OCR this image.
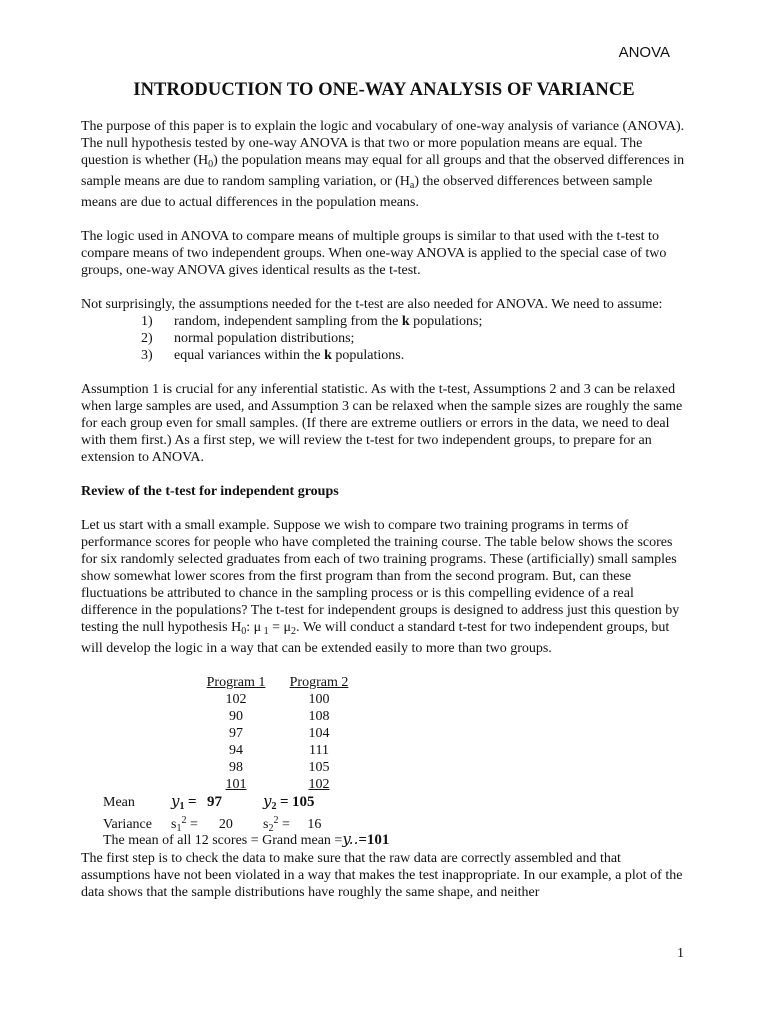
ANOVA
INTRODUCTION TO ONE-WAY ANALYSIS OF VARIANCE

The purpose of this paper is to explain the logic and vocabulary of one-way analysis of variance (ANOVA). The null hypothesis tested by one-way ANOVA is that two or more population means are equal. The question is whether $(H_0)$ the population means may equal for all groups and that the observed differences in sample means are due to random sampling variation, or $(H_a)$ the observed differences between sample means are due to actual differences in the population means.

The logic used in ANOVA to compare means of multiple groups is similar to that used with the t-test to compare means of two independent groups. When one-way ANOVA is applied to the special case of two groups, one-way ANOVA gives identical results as the t-test.

Not surprisingly, the assumptions needed for the t-test are also needed for ANOVA. We need to assume:

1)	random, independent sampling from the k populations;
2)	normal population distributions;
3)	equal variances within the k populations.

Assumption 1 is crucial for any inferential statistic. As with the t-test, Assumptions 2 and 3 can be relaxed when large samples are used, and Assumption 3 can be relaxed when the sample sizes are roughly the same for each group even for small samples. (If there are extreme outliers or errors in the data, we need to deal with them first.) As a first step, we will review the t-test for two independent groups, to prepare for an extension to ANOVA.

Review of the t-test for independent groups

Let us start with a small example. Suppose we wish to compare two training programs in terms of performance scores for people who have completed the training course. The table below shows the scores for six randomly selected graduates from each of two training programs. These (artificially) small samples show somewhat lower scores from the first program than from the second program. But, can these fluctuations be attributed to chance in the sampling process or is this compelling evidence of a real difference in the populations? The t-test for independent groups is designed to address just this question by testing the null hypothesis $H_0$: μ $_1 = \mu_2$. We will conduct a standard t-test for two independent groups, but will develop the logic in a way that can be extended easily to more than two groups.

Program 1	Program 2
102	100
90	108
97	104
94	111
98	105
101	102
Mean	$y_1 = 97$	$y_2 = 105$
Variance	$s_1^2 = 20$	$s_2^2 = 16$
The mean of all 12 scores = Grand mean = y.. = 101

The first step is to check the data to make sure that the raw data are correctly assembled and that assumptions have not been violated in a way that makes the test inappropriate. In our example, a plot of the data shows that the sample distributions have roughly the same shape, and neither

1
